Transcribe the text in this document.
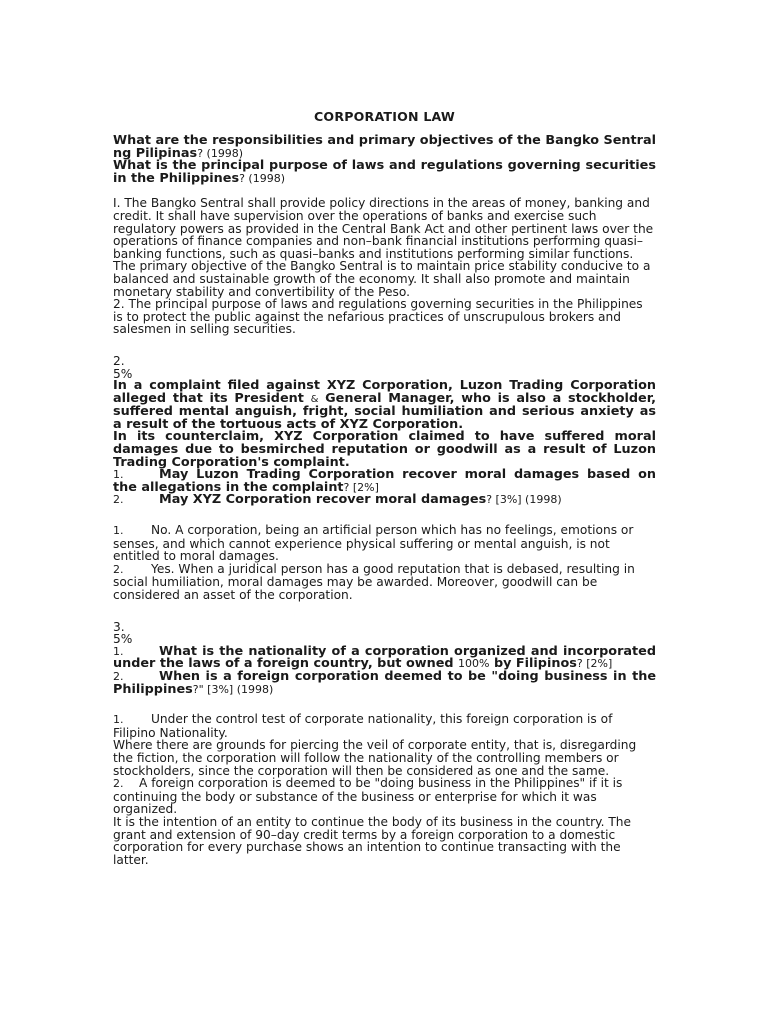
CORPORATION LAW
What are the responsibilities and primary objectives of the Bangko Sentral ng Pilipinas? (1998)
What is the principal purpose of laws and regulations governing securities in the Philippines? (1998)
I. The Bangko Sentral shall provide policy directions in the areas of money, banking and credit. It shall have supervision over the operations of banks and exercise such regulatory powers as provided in the Central Bank Act and other pertinent laws over the operations of finance companies and non–bank financial institutions performing quasi–banking functions, such as quasi–banks and institutions performing similar functions. The primary objective of the Bangko Sentral is to maintain price stability conducive to a balanced and sustainable growth of the economy. It shall also promote and maintain monetary stability and convertibility of the Peso.
2. The principal purpose of laws and regulations governing securities in the Philippines is to protect the public against the nefarious practices of unscrupulous brokers and salesmen in selling securities.
2.
5%
In a complaint filed against XYZ Corporation, Luzon Trading Corporation alleged that its President & General Manager, who is also a stockholder, suffered mental anguish, fright, social humiliation and serious anxiety as a result of the tortuous acts of XYZ Corporation.
In its counterclaim, XYZ Corporation claimed to have suffered moral damages due to besmirched reputation or goodwill as a result of Luzon Trading Corporation's complaint.
1.	May Luzon Trading Corporation recover moral damages based on the allegations in the complaint? [2%]
2.	May XYZ Corporation recover moral damages? [3%] (1998)
1. No. A corporation, being an artificial person which has no feelings, emotions or senses, and which cannot experience physical suffering or mental anguish, is not entitled to moral damages.
2. Yes. When a juridical person has a good reputation that is debased, resulting in social humiliation, moral damages may be awarded. Moreover, goodwill can be considered an asset of the corporation.
3.
5%
1.	What is the nationality of a corporation organized and incorporated under the laws of a foreign country, but owned 100% by Filipinos? [2%]
2.	When is a foreign corporation deemed to be "doing business in the Philippines?" [3%] (1998)
1. Under the control test of corporate nationality, this foreign corporation is of Filipino Nationality.
Where there are grounds for piercing the veil of corporate entity, that is, disregarding the fiction, the corporation will follow the nationality of the controlling members or stockholders, since the corporation will then be considered as one and the same.
2. A foreign corporation is deemed to be "doing business in the Philippines" if it is continuing the body or substance of the business or enterprise for which it was organized.
It is the intention of an entity to continue the body of its business in the country. The grant and extension of 90–day credit terms by a foreign corporation to a domestic corporation for every purchase shows an intention to continue transacting with the latter.
